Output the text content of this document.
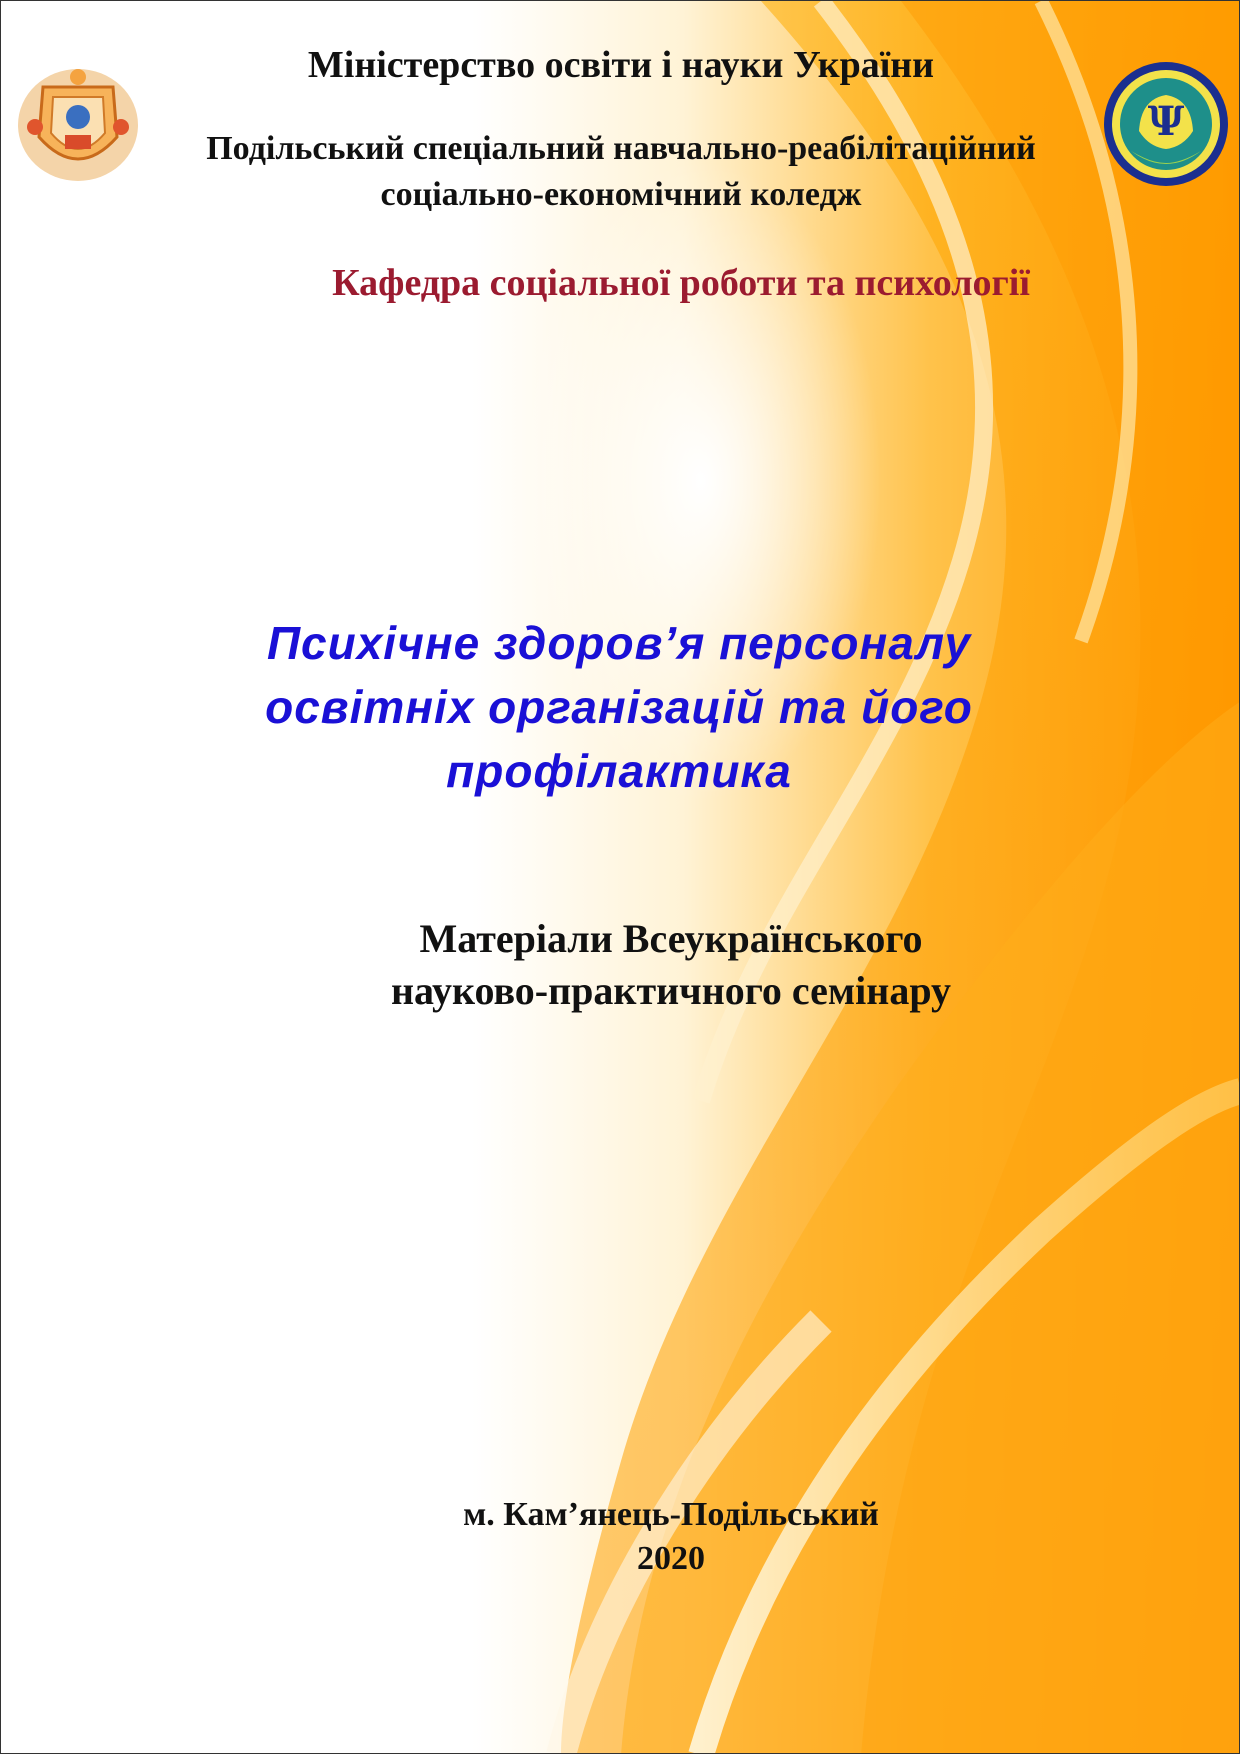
Ψ
Міністерство освіти і науки України
Подільський спеціальний навчально-реабілітаційний
соціально-економічний коледж
Кафедра соціальної роботи та психології
Психічне здоров’я персоналу
освітніх організацій та його
профілактика
Матеріали Всеукраїнського
науково-практичного семінару
м. Кам’янець-Подільський
2020
